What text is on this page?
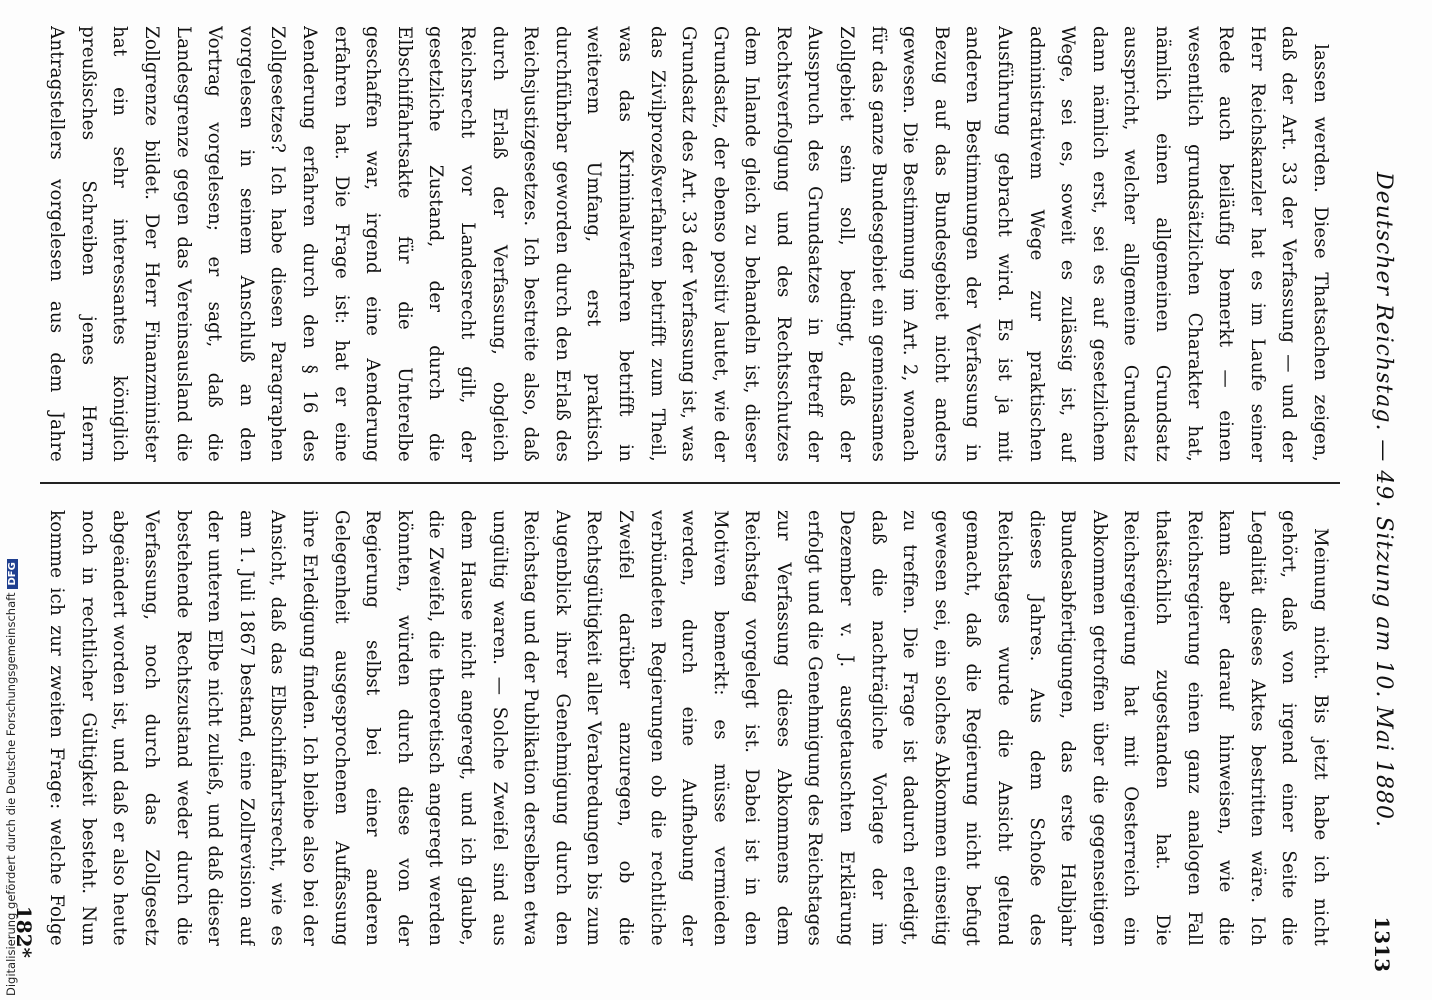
Deutscher Reichstag. — 49. Sitzung am 10. Mai 1880.
1313

lassen werden. Diese Thatsachen zeigen, daß der Art. 33 der Verfassung — und der Herr Reichskanzler hat es im Laufe seiner Rede auch beiläufig bemerkt — einen wesentlich grundsätzlichen Charakter hat, nämlich einen allgemeinen Grundsatz ausspricht, welcher allgemeine Grundsatz dann nämlich erst, sei es auf gesetzlichem Wege, sei es, soweit es zulässig ist, auf administrativem Wege zur praktischen Ausführung gebracht wird. Es ist ja mit anderen Bestimmungen der Verfassung in Bezug auf das Bundesgebiet nicht anders gewesen. Die Bestimmung im Art. 2, wonach für das ganze Bundesgebiet ein gemeinsames Zollgebiet sein soll, bedingt, daß der Ausspruch des Grundsatzes in Betreff der Rechtsverfolgung und des Rechtsschutzes dem Inlande gleich zu behandeln ist, dieser Grundsatz, der ebenso positiv lautet, wie der Grundsatz des Art. 33 der Verfassung ist, was das Zivilprozeßverfahren betrifft zum Theil, was das Kriminalverfahren betrifft in weiterem Umfang, erst praktisch durchführbar geworden durch den Erlaß des Reichsjustizgesetzes. Ich bestreite also, daß durch Erlaß der Verfassung, obgleich Reichsrecht vor Landesrecht gilt, der gesetzliche Zustand, der durch die Elbschiffahrtsakte für die Unterelbe geschaffen war, irgend eine Aenderung erfahren hat. Die Frage ist: hat er eine Aenderung erfahren durch den § 16 des Zollgesetzes? Ich habe diesen Paragraphen vorgelesen in seinem Anschluß an den Vortrag vorgelesen; er sagt, daß die Landesgrenze gegen das Vereinsausland die Zollgrenze bildet. Der Herr Finanzminister hat ein sehr interessantes königlich preußisches Schreiben jenes Herrn Antragstellers vorgelesen aus dem Jahre

Meinung nicht. Bis jetzt habe ich nicht gehört, daß von irgend einer Seite die Legalität dieses Aktes bestritten wäre. Ich kann aber darauf hinweisen, wie die Reichsregierung einen ganz analogen Fall thatsächlich zugestanden hat. Die Reichsregierung hat mit Oesterreich ein Abkommen getroffen über die gegenseitigen Bundesabfertigungen, das erste Halbjahr dieses Jahres. Aus dem Schoße des Reichstages wurde die Ansicht geltend gemacht, daß die Regierung nicht befugt gewesen sei, ein solches Abkommen einseitig zu treffen. Die Frage ist dadurch erledigt, daß die nachträgliche Vorlage der im Dezember v. J. ausgetauschten Erklärung erfolgt und die Genehmigung des Reichstages zur Verfassung dieses Abkommens dem Reichstag vorgelegt ist. Dabei ist in den Motiven bemerkt: es müsse vermieden werden, durch eine Aufhebung der verbündeten Regierungen ob die rechtliche Zweifel darüber anzuregen, ob die Rechtsgültigkeit aller Verabredungen bis zum Augenblick ihrer Genehmigung durch den Reichstag und der Publikation derselben etwa ungültig waren. — Solche Zweifel sind aus dem Hause nicht angeregt, und ich glaube, die Zweifel, die theoretisch angeregt werden könnten, würden durch diese von der Regierung selbst bei einer anderen Gelegenheit ausgesprochenen Auffassung ihre Erledigung finden. Ich bleibe also bei der Ansicht, daß das Elbschiffahrtsrecht, wie es am 1. Juli 1867 bestand, eine Zollrevision auf der unteren Elbe nicht zuließ, und daß dieser bestehende Rechtszustand weder durch die Verfassung, noch durch das Zollgesetz abgeändert worden ist, und daß er also heute noch in rechtlicher Gültigkeit besteht. Nun komme ich zur zweiten Frage: welche Folge

182*
Digitalisierung gefördert durch die Deutsche ForschungsgemeinschaftDFG
